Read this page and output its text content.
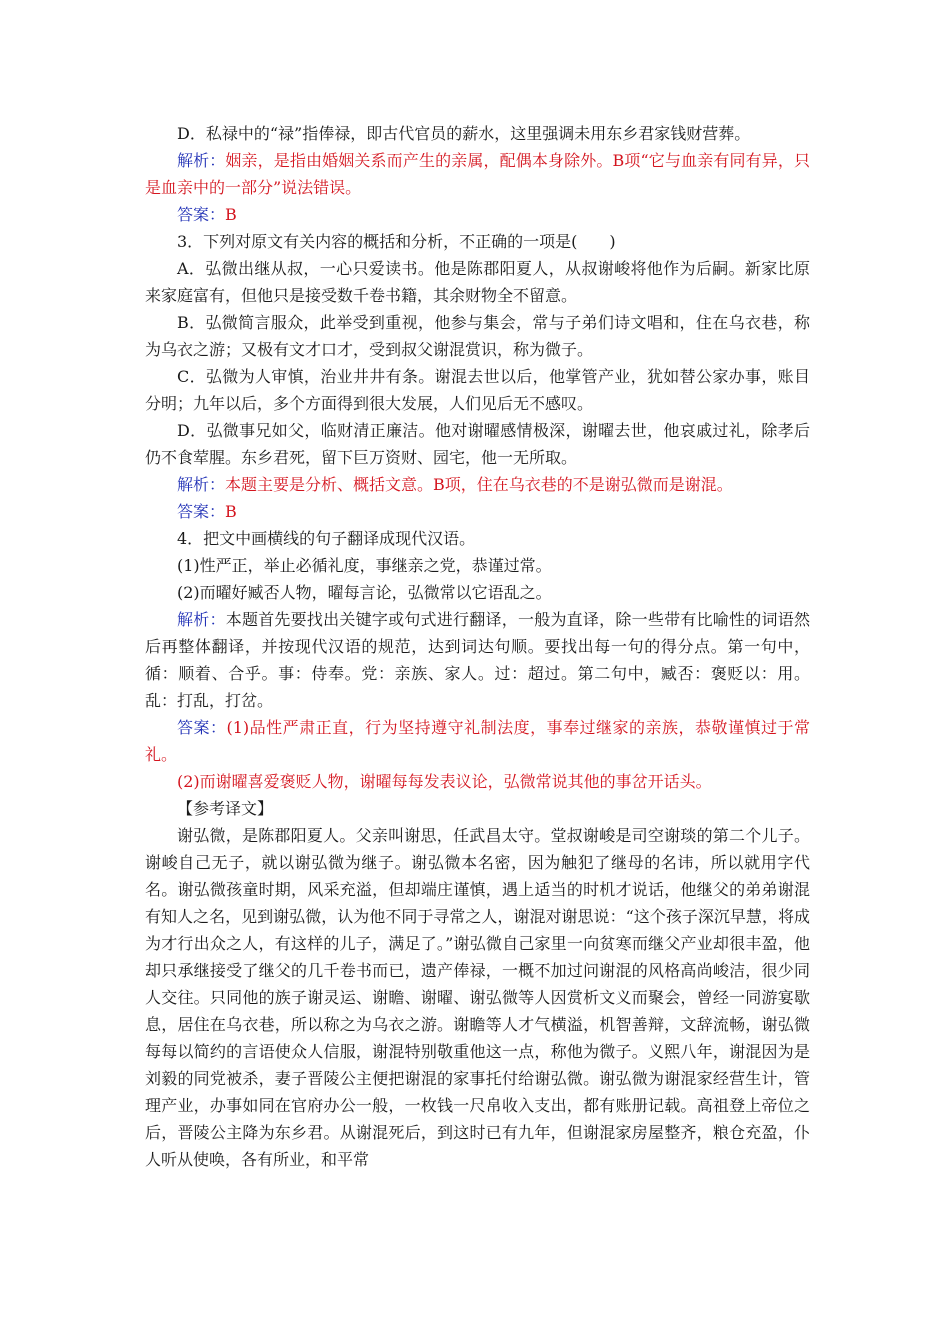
D．私禄中的“禄”指俸禄，即古代官员的薪水，这里强调未用东乡君家钱财营葬。

解析：姻亲，是指由婚姻关系而产生的亲属，配偶本身除外。B项“它与血亲有同有异，只是血亲中的一部分”说法错误。

答案：B

3．下列对原文有关内容的概括和分析，不正确的一项是(　　)

A．弘微出继从叔，一心只爱读书。他是陈郡阳夏人，从叔谢峻将他作为后嗣。新家比原来家庭富有，但他只是接受数千卷书籍，其余财物全不留意。

B．弘微简言服众，此举受到重视，他参与集会，常与子弟们诗文唱和，住在乌衣巷，称为乌衣之游；又极有文才口才，受到叔父谢混赏识，称为微子。

C．弘微为人审慎，治业井井有条。谢混去世以后，他掌管产业，犹如替公家办事，账目分明；九年以后，多个方面得到很大发展，人们见后无不感叹。

D．弘微事兄如父，临财清正廉洁。他对谢曜感情极深，谢曜去世，他哀戚过礼，除孝后仍不食荤腥。东乡君死，留下巨万资财、园宅，他一无所取。

解析：本题主要是分析、概括文意。B项，住在乌衣巷的不是谢弘微而是谢混。

答案：B

4．把文中画横线的句子翻译成现代汉语。

(1)性严正，举止必循礼度，事继亲之党，恭谨过常。

(2)而曜好臧否人物，曜每言论，弘微常以它语乱之。

解析：本题首先要找出关键字或句式进行翻译，一般为直译，除一些带有比喻性的词语然后再整体翻译，并按现代汉语的规范，达到词达句顺。要找出每一句的得分点。第一句中，循：顺着、合乎。事：侍奉。党：亲族、家人。过：超过。第二句中，臧否：褒贬以：用。乱：打乱，打岔。

答案：(1)品性严肃正直，行为坚持遵守礼制法度，事奉过继家的亲族，恭敬谨慎过于常礼。

(2)而谢曜喜爱褒贬人物，谢曜每每发表议论，弘微常说其他的事岔开话头。

【参考译文】

谢弘微，是陈郡阳夏人。父亲叫谢思，任武昌太守。堂叔谢峻是司空谢琰的第二个儿子。谢峻自己无子，就以谢弘微为继子。谢弘微本名密，因为触犯了继母的名讳，所以就用字代名。谢弘微孩童时期，风采充溢，但却端庄谨慎，遇上适当的时机才说话，他继父的弟弟谢混有知人之名，见到谢弘微，认为他不同于寻常之人，谢混对谢思说：“这个孩子深沉早慧，将成为才行出众之人，有这样的儿子，满足了。”谢弘微自己家里一向贫寒而继父产业却很丰盈，他却只承继接受了继父的几千卷书而已，遗产俸禄，一概不加过问谢混的风格高尚峻洁，很少同人交往。只同他的族子谢灵运、谢瞻、谢曜、谢弘微等人因赏析文义而聚会，曾经一同游宴歇息，居住在乌衣巷，所以称之为乌衣之游。谢瞻等人才气横溢，机智善辩，文辞流畅，谢弘微每每以简约的言语使众人信服，谢混特别敬重他这一点，称他为微子。义熙八年，谢混因为是刘毅的同党被杀，妻子晋陵公主便把谢混的家事托付给谢弘微。谢弘微为谢混家经营生计，管理产业，办事如同在官府办公一般，一枚钱一尺帛收入支出，都有账册记载。高祖登上帝位之后，晋陵公主降为东乡君。从谢混死后，到这时已有九年，但谢混家房屋整齐，粮仓充盈，仆人听从使唤，各有所业，和平常
